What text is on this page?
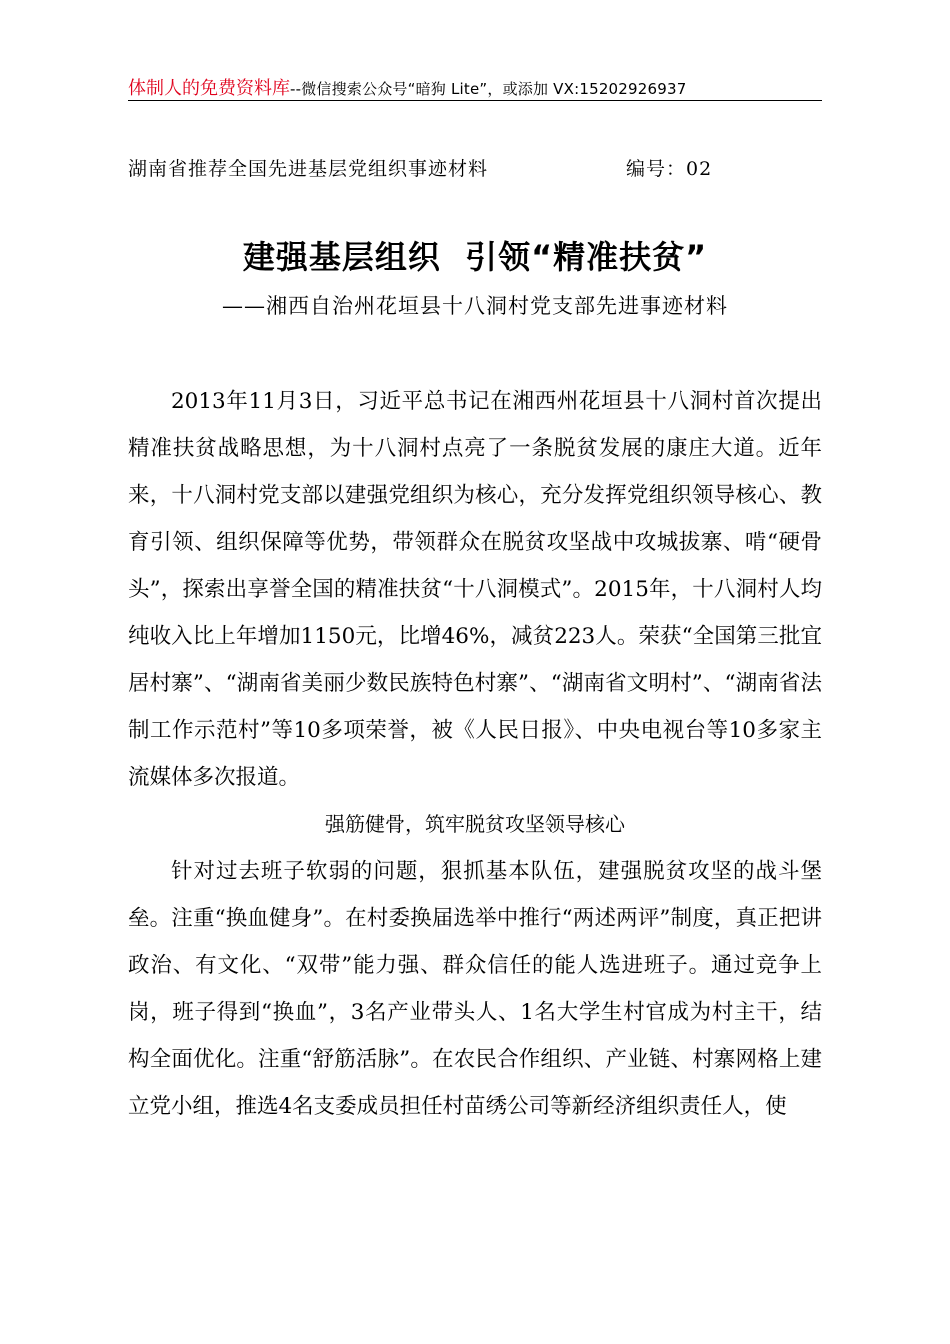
体制人的免费资料库--微信搜索公众号“暗狗 Lite”，或添加 VX:15202926937
湖南省推荐全国先进基层党组织事迹材料	编号：02
建强基层组织  引领“精准扶贫”
——湘西自治州花垣县十八洞村党支部先进事迹材料

2013年11月3日，习近平总书记在湘西州花垣县十八洞村首次提出精准扶贫战略思想，为十八洞村点亮了一条脱贫发展的康庄大道。近年来，十八洞村党支部以建强党组织为核心，充分发挥党组织领导核心、教育引领、组织保障等优势，带领群众在脱贫攻坚战中攻城拔寨、啃“硬骨头”，探索出享誉全国的精准扶贫“十八洞模式”。2015年，十八洞村人均纯收入比上年增加1150元，比增46%，减贫223人。荣获“全国第三批宜居村寨”、“湖南省美丽少数民族特色村寨”、“湖南省文明村”、“湖南省法制工作示范村”等10多项荣誉，被《人民日报》、中央电视台等10多家主流媒体多次报道。

强筋健骨，筑牢脱贫攻坚领导核心

针对过去班子软弱的问题，狠抓基本队伍，建强脱贫攻坚的战斗堡垒。注重“换血健身”。在村委换届选举中推行“两述两评”制度，真正把讲政治、有文化、“双带”能力强、群众信任的能人选进班子。通过竞争上岗，班子得到“换血”，3名产业带头人、1名大学生村官成为村主干，结构全面优化。注重“舒筋活脉”。在农民合作组织、产业链、村寨网格上建立党小组，推选4名支委成员担任村苗绣公司等新经济组织责任人，使
